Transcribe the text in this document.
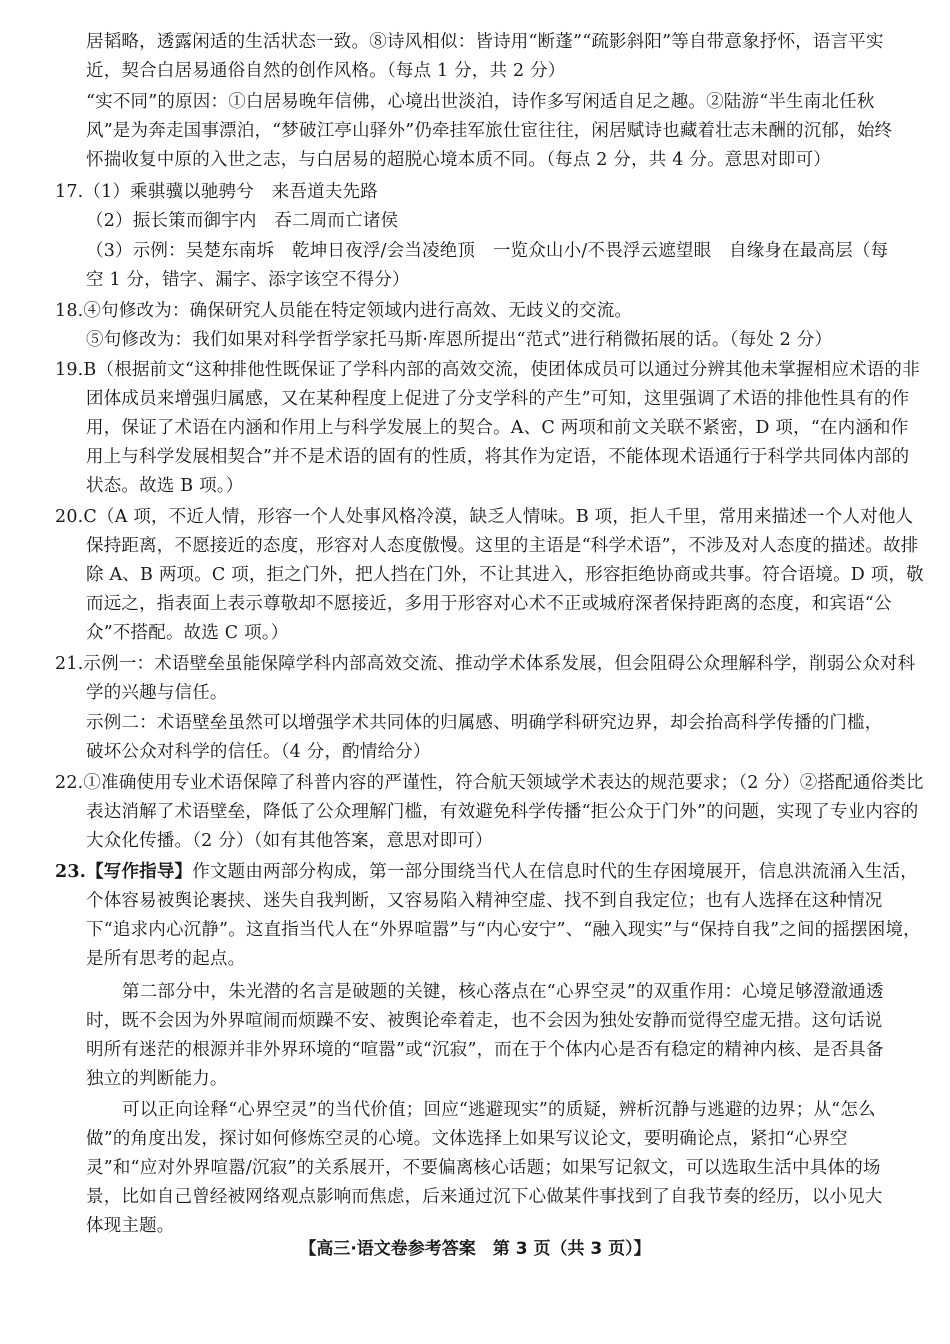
居韬略，透露闲适的生活状态一致。⑧诗风相似：皆诗用“断蓬”“疏影斜阳”等自带意象抒怀，语言平实

近，契合白居易通俗自然的创作风格。（每点 1 分，共 2 分）

“实不同”的原因：①白居易晚年信佛，心境出世淡泊，诗作多写闲适自足之趣。②陆游“半生南北任秋风”是为奔走国事漂泊，“梦破江亭山驿外”仍牵挂军旅仕宦往往，闲居赋诗也藏着壮志未酬的沉郁，始终怀揣收复中原的入世之志，与白居易的超脱心境本质不同。（每点 2 分，共 4 分。意思对即可）

17.（1）乘骐骥以驰骋兮　来吾道夫先路

（2）振长策而御宇内　吞二周而亡诸侯

（3）示例：吴楚东南坼　乾坤日夜浮/会当凌绝顶　一览众山小/不畏浮云遮望眼　自缘身在最高层（每空 1 分，错字、漏字、添字该空不得分）

18.④句修改为：确保研究人员能在特定领域内进行高效、无歧义的交流。

⑤句修改为：我们如果对科学哲学家托马斯·库恩所提出“范式”进行稍微拓展的话。（每处 2 分）

19.B（根据前文“这种排他性既保证了学科内部的高效交流，使团体成员可以通过分辨其他未掌握相应术语的非团体成员来增强归属感，又在某种程度上促进了分支学科的产生”可知，这里强调了术语的排他性具有的作用，保证了术语在内涵和作用上与科学发展上的契合。A、C 两项和前文关联不紧密，D 项，“在内涵和作用上与科学发展相契合”并不是术语的固有的性质，将其作为定语，不能体现术语通行于科学共同体内部的状态。故选 B 项。）

20.C（A 项，不近人情，形容一个人处事风格冷漠，缺乏人情味。B 项，拒人千里，常用来描述一个人对他人保持距离，不愿接近的态度，形容对人态度傲慢。这里的主语是“科学术语”，不涉及对人态度的描述。故排除 A、B 两项。C 项，拒之门外，把人挡在门外，不让其进入，形容拒绝协商或共事。符合语境。D 项，敬而远之，指表面上表示尊敬却不愿接近，多用于形容对心术不正或城府深者保持距离的态度，和宾语“公众”不搭配。故选 C 项。）

21.示例一：术语壁垒虽能保障学科内部高效交流、推动学术体系发展，但会阻碍公众理解科学，削弱公众对科学的兴趣与信任。

示例二：术语壁垒虽然可以增强学术共同体的归属感、明确学科研究边界，却会抬高科学传播的门槛，破坏公众对科学的信任。（4 分，酌情给分）

22.①准确使用专业术语保障了科普内容的严谨性，符合航天领域学术表达的规范要求；（2 分）②搭配通俗类比表达消解了术语壁垒，降低了公众理解门槛，有效避免科学传播“拒公众于门外”的问题，实现了专业内容的大众化传播。（2 分）（如有其他答案，意思对即可）

23.【写作指导】作文题由两部分构成，第一部分围绕当代人在信息时代的生存困境展开，信息洪流涌入生活，个体容易被舆论裹挟、迷失自我判断，又容易陷入精神空虚、找不到自我定位；也有人选择在这种情况下“追求内心沉静”。这直指当代人在“外界喧嚣”与“内心安宁”、“融入现实”与“保持自我”之间的摇摆困境，是所有思考的起点。

第二部分中，朱光潜的名言是破题的关键，核心落点在“心界空灵”的双重作用：心境足够澄澈通透时，既不会因为外界喧闹而烦躁不安、被舆论牵着走，也不会因为独处安静而觉得空虚无措。这句话说明所有迷茫的根源并非外界环境的“喧嚣”或“沉寂”，而在于个体内心是否有稳定的精神内核、是否具备独立的判断能力。

可以正向诠释“心界空灵”的当代价值；回应“逃避现实”的质疑，辨析沉静与逃避的边界；从“怎么做”的角度出发，探讨如何修炼空灵的心境。文体选择上如果写议论文，要明确论点，紧扣“心界空灵”和“应对外界喧嚣/沉寂”的关系展开，不要偏离核心话题；如果写记叙文，可以选取生活中具体的场景，比如自己曾经被网络观点影响而焦虑，后来通过沉下心做某件事找到了自我节奏的经历，以小见大体现主题。

【高三·语文卷参考答案　第 3 页（共 3 页）】
